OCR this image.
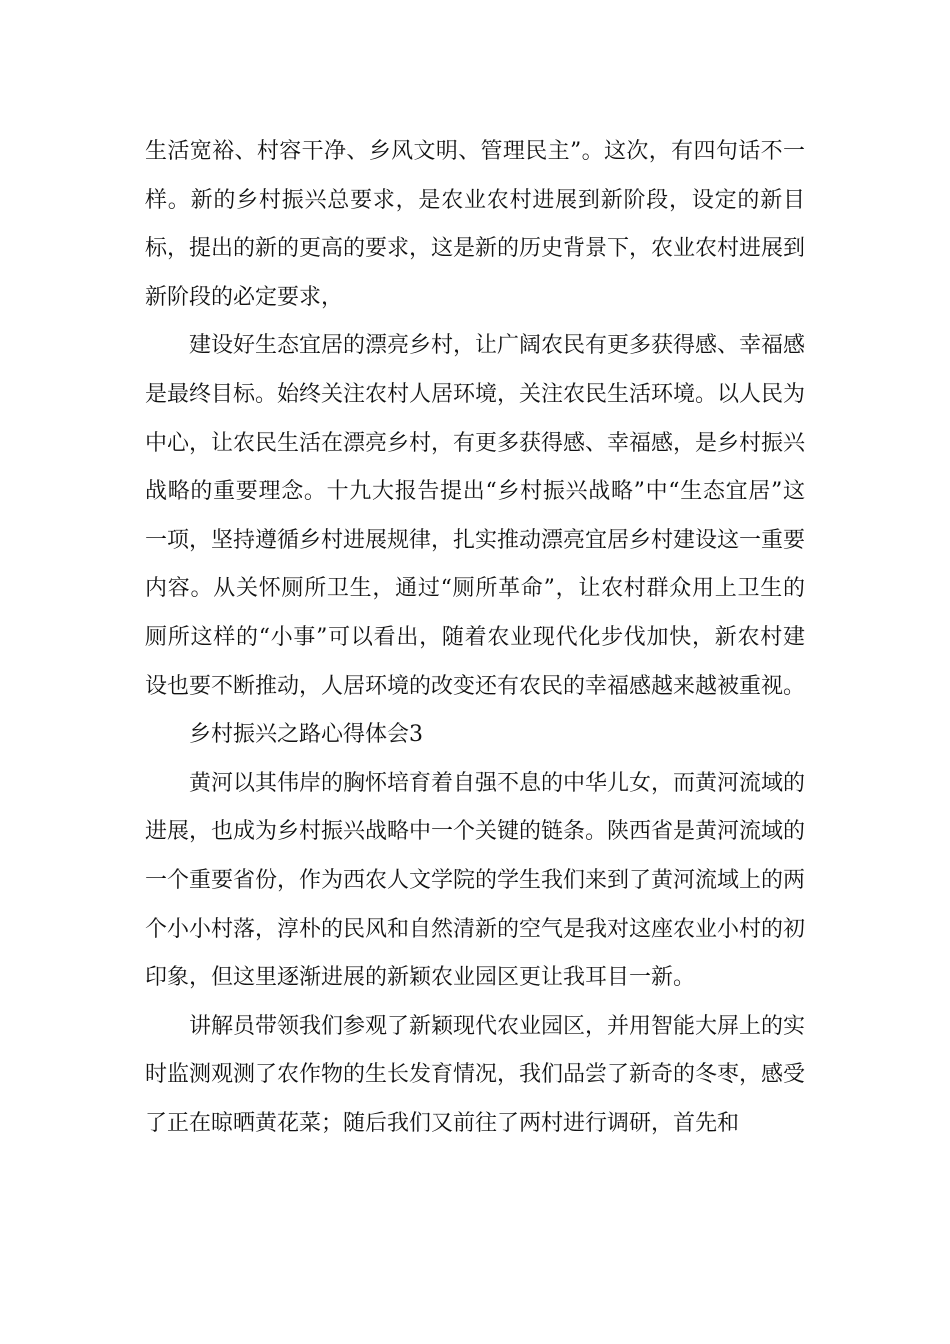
生活宽裕、村容干净、乡风文明、管理民主”。这次，有四句话不一样。新的乡村振兴总要求，是农业农村进展到新阶段，设定的新目标，提出的新的更高的要求，这是新的历史背景下，农业农村进展到新阶段的必定要求，

建设好生态宜居的漂亮乡村，让广阔农民有更多获得感、幸福感是最终目标。始终关注农村人居环境，关注农民生活环境。以人民为中心，让农民生活在漂亮乡村，有更多获得感、幸福感，是乡村振兴战略的重要理念。十九大报告提出“乡村振兴战略”中“生态宜居”这一项，坚持遵循乡村进展规律，扎实推动漂亮宜居乡村建设这一重要内容。从关怀厕所卫生，通过“厕所革命”，让农村群众用上卫生的厕所这样的“小事”可以看出，随着农业现代化步伐加快，新农村建设也要不断推动，人居环境的改变还有农民的幸福感越来越被重视。

乡村振兴之路心得体会3

黄河以其伟岸的胸怀培育着自强不息的中华儿女，而黄河流域的进展，也成为乡村振兴战略中一个关键的链条。陕西省是黄河流域的一个重要省份，作为西农人文学院的学生我们来到了黄河流域上的两个小小村落，淳朴的民风和自然清新的空气是我对这座农业小村的初印象，但这里逐渐进展的新颖农业园区更让我耳目一新。

讲解员带领我们参观了新颖现代农业园区，并用智能大屏上的实时监测观测了农作物的生长发育情况，我们品尝了新奇的冬枣，感受了正在晾晒黄花菜；随后我们又前往了两村进行调研，首先和
